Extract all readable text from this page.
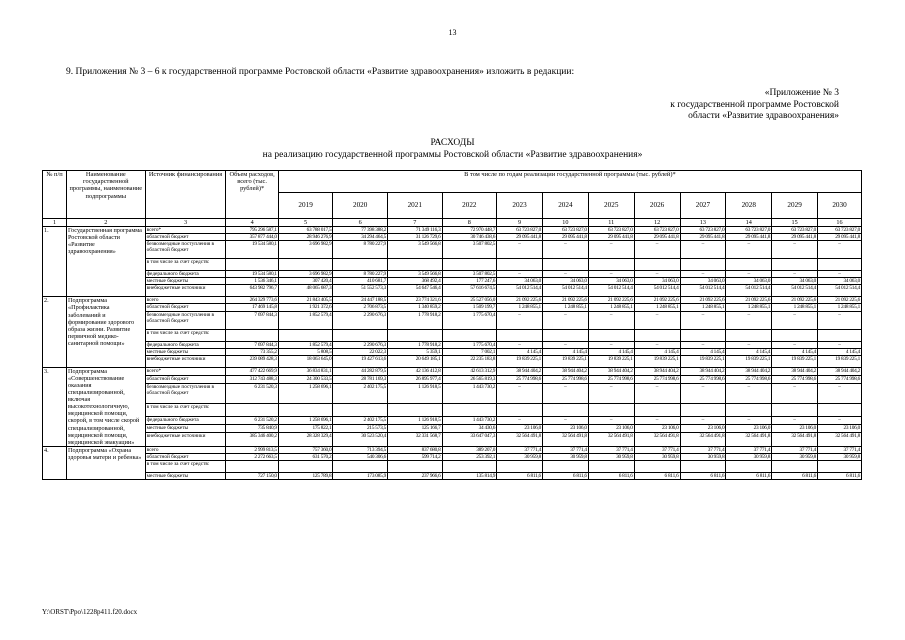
13
9. Приложения № 3 – 6 к государственной программе Ростовской области «Развитие здравоохранения» изложить в редакции:
«Приложение № 3
к государственной программе Ростовской
области «Развитие здравоохранения»
РАСХОДЫ
на реализацию государственной программы Ростовской области «Развитие здравоохранения»
№ п/п	Наименование государственной программы, наименование подпрограммы	Источник финансирования	Объем расходов, всего (тыс. рублей)*	В том числе по годам реализации государственной программы (тыс. рублей)*											
				2019	2020	2021	2022	2023	2024	2025	2026	2027	2028	2029	2030
1	2	3	4	5	6	7	8	9	10	11	12	13	14	15	16
1.	Государственная программа Ростовской области «Развитие здравоохранения»	всего*	795 296 587,1	63 788 017,5	77 398 388,2	71 349 116,3	72 970 448,7	63 723 827,0	63 723 827,0	63 723 827,0	63 723 827,0	63 723 827,0	63 723 827,0	63 723 827,0	63 723 827,0
		областной бюджет	357 877 444,0	28 946 276,9	34 294 464,5	31 126 729,6	30 746 438,6	29 095 441,8	29 095 441,8	29 095 441,8	29 095 441,8	29 095 441,8	29 095 441,8	29 095 441,8	29 095 441,8
		безвозмездные поступления в областной бюджет	19 534 580,1	3 696 982,9	8 780 227,9	3 549 566,8	3 507 802,5	–	–	–	–	–	–	–	–
		в том числе за счет средств:													
		федерального бюджета	19 534 580,1	3 696 982,9	8 780 227,9	3 549 566,8	3 507 802,5	–	–	–	–	–	–	–	–
		местные бюджеты	1 536 346,1	307 420,4	410 681,7	368 492,4	177 247,6	34 063,0	34 063,0	34 063,0	34 063,0	34 063,0	34 063,0	34 063,0	34 063,0
		внебюджетные источники	643 982 796,7	48 065 687,3	51 552 573,3	54 647 546,4	57 616 674,5	54 012 514,4	54 012 514,4	54 012 514,4	54 012 514,4	54 012 514,4	54 012 514,4	54 012 514,4	54 012 514,4
2.	Подпрограмма «Профилактика заболеваний и формирование здорового образа жизни. Развитие первичной медико-санитарной помощи»	всего	264 329 773,6	21 843 405,5	24 447 188,5	23 774 321,6	25 527 056,0	21 092 225,6	21 092 225,6	21 092 225,6	21 092 225,6	21 092 225,6	21 092 225,6	21 092 225,6	21 092 225,6
		областной бюджет	17 469 145,8	1 921 372,6	2 706 873,5	1 340 859,2	1 509 199,7	1 248 855,1	1 248 855,1	1 248 855,1	1 248 855,1	1 248 855,1	1 248 855,1	1 248 855,1	1 248 855,1
		безвозмездные поступления в областной бюджет	7 697 844,3	1 852 579,4	2 290 676,3	1 778 918,2	1 775 670,4	–	–	–	–	–	–	–	–
		в том числе за счет средств:													
		федерального бюджета	7 697 844,3	1 852 579,4	2 290 676,3	1 778 918,2	1 775 670,4	–	–	–	–	–	–	–	–
		местные бюджеты	73 355,2	5 808,5	22 022,3	5 359,1	7 002,1	4 145,4	4 145,4	4 145,4	4 145,4	4 145,4	4 145,4	4 145,4	4 145,4
		внебюджетные источники	239 089 428,3	18 063 645,0	19 427 613,6	20 649 185,1	22 235 183,8	19 839 225,1	19 839 225,1	19 839 225,1	19 839 225,1	19 839 225,1	19 839 225,1	19 839 225,1	19 839 225,1
3.	Подпрограмма «Совершенствование оказания специализированной, включая высокотехнологичную, медицинской помощи, скорой, в том числе скорой специализированной, медицинской помощи, медицинской эвакуации»	всего*	477 422 669,9	36 834 831,1	44 282 879,5	42 136 412,8	42 613 312,9	38 944 404,2	38 944 404,2	38 944 404,2	38 944 404,2	38 944 404,2	38 944 404,2	38 944 404,2	38 944 404,2
		областной бюджет	312 743 488,3	24 300 533,5	28 781 169,3	26 895 977,4	26 565 819,3	25 774 998,6	25 774 998,6	25 774 998,6	25 774 998,6	25 774 998,6	25 774 998,6	25 774 998,6	25 774 998,6
		безвозмездные поступления в областной бюджет	6 231 520,3	1 258 696,1	2 402 175,5	1 126 918,5	1 443 730,2	–	–	–	–	–	–	–	–
		в том числе за счет средств:													
		федерального бюджета	6 231 520,2	1 258 696,1	2 402 175,5	1 126 918,5	1 443 730,2	–	–	–	–	–	–	–	–
		местные бюджеты	735 840,9	175 822,1	215 573,5	125 166,7	34 430,6	23 106,0	23 106,0	23 106,0	23 106,0	23 106,0	23 106,0	23 106,0	23 106,0
		внебюджетные источники	385 346 400,2	28 328 329,4	30 523 520,4	32 331 568,7	33 647 047,3	32 564 491,8	32 564 491,8	32 564 491,8	32 564 491,8	32 564 491,8	32 564 491,8	32 564 491,8	32 564 491,8
4.	Подпрограмма «Охрана здоровья матери и ребенка»	всего	2 999 813,5	757 360,0	713 394,5	837 680,8	389 207,0	37 771,4	37 771,4	37 771,4	37 771,4	37 771,4	37 771,4	37 771,4	37 771,4
		областной бюджет	2 272 663,5	631 570,2	540 306,6	599 714,2	253 392,1	30 959,8	30 959,8	30 959,8	30 959,8	30 959,8	30 959,8	30 959,8	30 959,8
		в том числе за счет средств:													
		местные бюджеты	727 150,0	125 789,8	173 085,9	237 966,6	135 814,9	6 811,6	6 811,6	6 811,6	6 811,6	6 811,6	6 811,6	6 811,6	6 811,6
Y:\ORST\Ppo\1228p411.f20.docx
